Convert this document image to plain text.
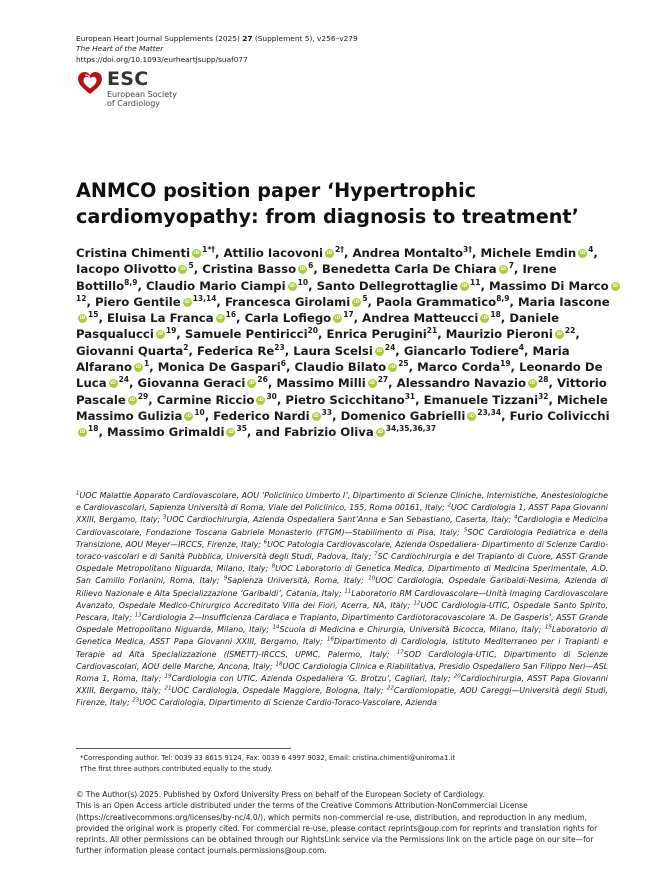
European Heart Journal Supplements (2025) 27 (Supplement 5), v256–v279
The Heart of the Matter
https://doi.org/10.1093/eurheartjsupp/suaf077
ESC
European Society
of Cardiology
ANMCO position paper ‘Hypertrophic cardiomyopathy: from diagnosis to treatment’
Cristina Chimenti iD $^{1*\dagger}$, Attilio Iacovoni iD $^{2\dagger}$, Andrea Montalto$^{3\dagger}$, Michele Emdin iD $^4$, Iacopo Olivotto iD $^5$, Cristina Basso iD $^6$, Benedetta Carla De Chiara iD $^7$, Irene Bottillo$^{8,9}$, Claudio Mario Ciampi iD $^{10}$, Santo Dellegrottaglie iD $^{11}$, Massimo Di MarcoiD$^{12}$, Piero Gentile iD $^{13,14}$, Francesca Girolami iD $^5$, Paola Grammatico$^{8,9}$, Maria IasconeiD$^{15}$, Eluisa La Franca iD $^{16}$, Carla Lofiego iD $^{17}$, Andrea Matteucci iD $^{18}$, Daniele Pasqualucci iD $^{19}$, Samuele Pentiricci$^{20}$, Enrica Perugini$^{21}$, Maurizio Pieroni iD $^{22}$, Giovanni Quarta$^2$, Federica Re$^{23}$, Laura Scelsi iD $^{24}$, Giancarlo Todiere$^4$, Maria Alfarano iD $^1$, Monica De Gaspari$^6$, Claudio Bilato iD $^{25}$, Marco Corda$^{19}$, Leonardo De Luca iD $^{24}$, Giovanna GeraciiD $^{26}$, Massimo Milli iD $^{27}$, Alessandro Navazio iD $^{28}$, Vittorio Pascale iD $^{29}$, Carmine Riccio iD $^{30}$, Pietro Scicchitano$^{31}$, Emanuele Tizzani$^{32}$, Michele Massimo Gulizia iD $^{10}$, Federico Nardi iD $^{33}$, Domenico Gabrielli iD $^{23,34}$, Furio ColivicchiiD$^{18}$, Massimo Grimaldi iD $^{35}$, and Fabrizio Oliva iD $^{34,35,36,37}$

$^1$UOC Malattie Apparato Cardiovascolare, AOU ‘Policlinico Umberto I’, Dipartimento di Scienze Cliniche, Internistiche, Anestesiologiche e Cardiovascolari, Sapienza Università di Roma, Viale del Policlinico, 155, Roma 00161, Italy; $^2$UOC Cardiologia 1, ASST Papa Giovanni XXIII, Bergamo, Italy; $^3$UOC Cardiochirurgia, Azienda Ospedaliera Sant’Anna e San Sebastiano, Caserta, Italy; $^4$Cardiologia e Medicina Cardiovascolare, Fondazione Toscana Gabriele Monasterio (FTGM)—Stabilimento di Pisa, Italy; $^5$SOC Cardiologia Pediatrica e della Transizione, AOU Meyer—IRCCS, Firenze, Italy; $^6$UOC Patologia Cardiovascolare, Azienda Ospedaliera- Dipartimento di Scienze Cardio-toraco-vascolari e di Sanità Pubblica, Università degli Studi, Padova, Italy; $^7$SC Cardiochirurgia e del Trapianto di Cuore, ASST Grande Ospedale Metropolitano Niguarda, Milano, Italy; $^8$UOC Laboratorio di Genetica Medica, Dipartimento di Medicina Sperimentale, A.O. San Camillo Forlanini, Roma, Italy; $^9$Sapienza Università, Roma, Italy; $^{10}$UOC Cardiologia, Ospedale Garibaldi-Nesima, Azienda di Rilievo Nazionale e Alta Specializzazione ‘Garibaldi’, Catania, Italy; $^{11}$Laboratorio RM Cardiovascolare—Unità Imaging Cardiovascolare Avanzato, Ospedale Medico-Chirurgico Accreditato Villa dei Fiori, Acerra, NA, Italy; $^{12}$UOC Cardiologia-UTIC, Ospedale Santo Spirito, Pescara, Italy; $^{13}$Cardiologia 2—Insufficienza Cardiaca e Trapianto, Dipartimento Cardiotoracovascolare ‘A. De Gasperis’, ASST Grande Ospedale Metropolitano Niguarda, Milano, Italy; $^{14}$Scuola di Medicina e Chirurgia, Università Bicocca, Milano, Italy; $^{15}$Laboratorio di Genetica Medica, ASST Papa Giovanni XXIII, Bergamo, Italy; $^{16}$Dipartimento di Cardiologia, Istituto Mediterraneo per i Trapianti e Terapie ad Alta Specializzazione (ISMETT)-IRCCS, UPMC, Palermo, Italy; $^{17}$SOD Cardiologia-UTIC, Dipartimento di Scienze Cardiovascolari, AOU delle Marche, Ancona, Italy; $^{18}$UOC Cardiologia Clinica e Riabilitativa, Presidio Ospedaliero San Filippo Neri—ASL Roma 1, Roma, Italy; $^{19}$Cardiologia con UTIC, Azienda Ospedaliera ‘G. Brotzu’, Cagliari, Italy; $^{20}$Cardiochirurgia, ASST Papa Giovanni XXIII, Bergamo, Italy; $^{21}$UOC Cardiologia, Ospedale Maggiore, Bologna, Italy; $^{22}$Cardiomiopatie, AOU Careggi—Università degli Studi, Firenze, Italy; $^{23}$UOC Cardiologia, Dipartimento di Scienze Cardio-Toraco-Vascolare, Azienda

*Corresponding author. Tel: 0039 33 8615 9124, Fax: 0039 6 4997 9032, Email: cristina.chimenti@uniroma1.it
†The first three authors contributed equally to the study.

© The Author(s) 2025. Published by Oxford University Press on behalf of the European Society of Cardiology.
This is an Open Access article distributed under the terms of the Creative Commons Attribution-NonCommercial License (https://creativecommons.org/licenses/by-nc/4.0/), which permits non-commercial re-use, distribution, and reproduction in any medium, provided the original work is properly cited. For commercial re-use, please contact reprints@oup.com for reprints and translation rights for reprints. All other permissions can be obtained through our RightsLink service via the Permissions link on the article page on our site—for further information please contact journals.permissions@oup.com.
